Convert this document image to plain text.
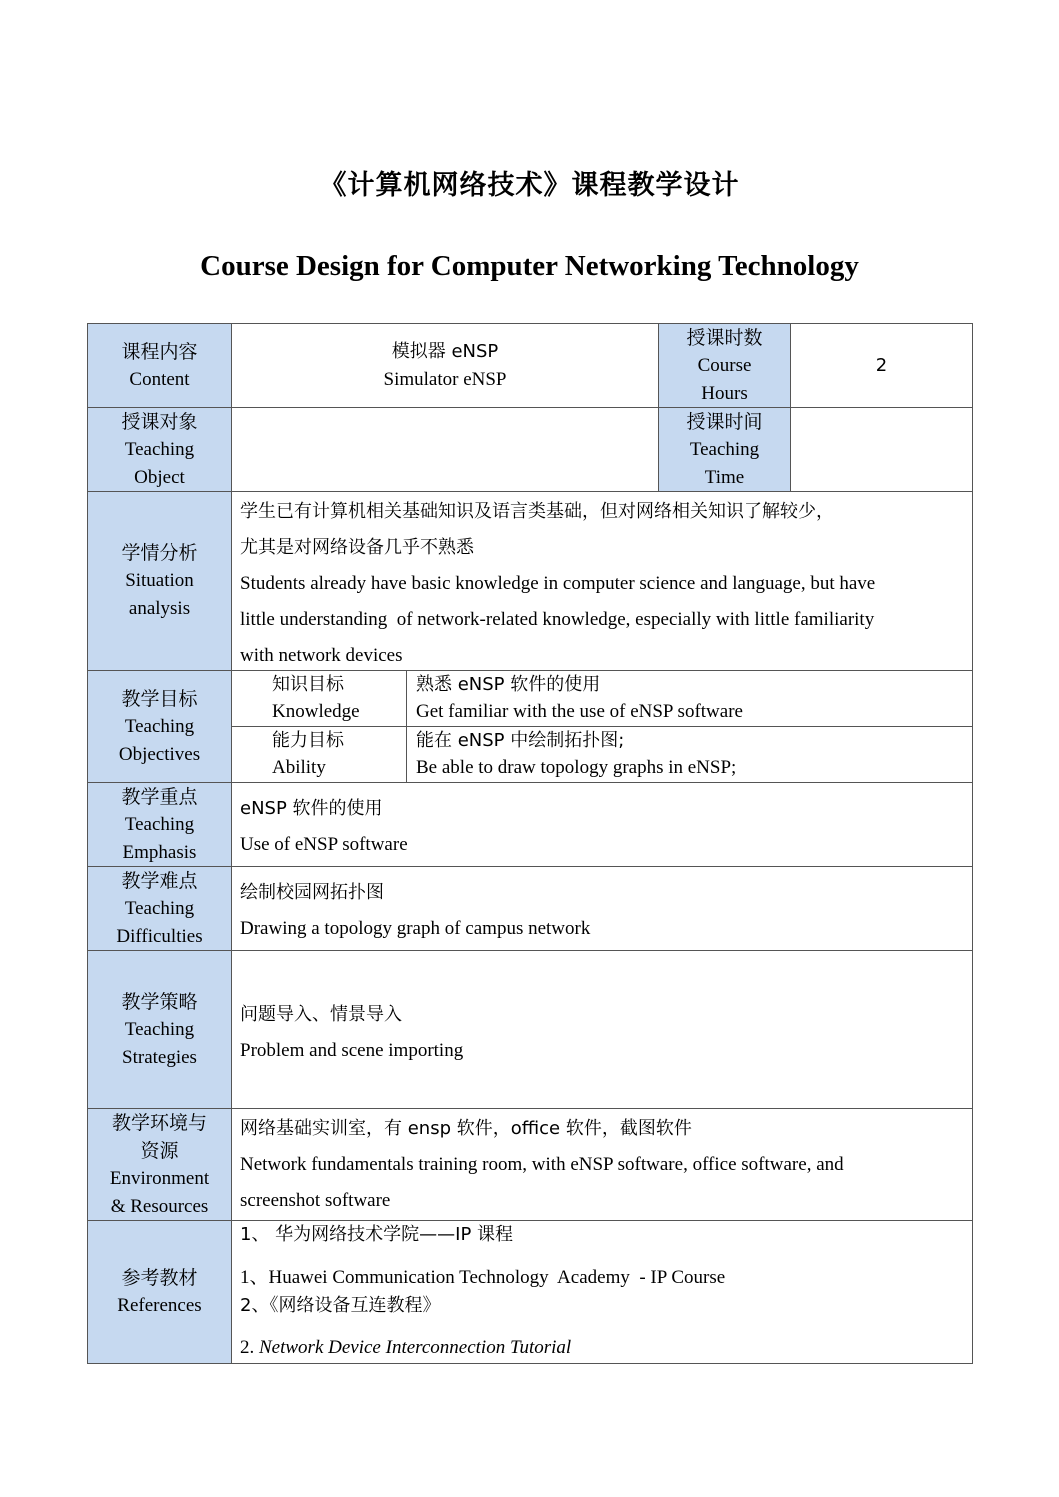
《计算机网络技术》课程教学设计
Course Design for Computer Networking Technology
课程内容
Content
模拟器 eNSP
Simulator eNSP
授课时数
Course
Hours
2
授课对象
Teaching
Object
授课时间
Teaching
Time
学情分析
Situation
analysis
学生已有计算机相关基础知识及语言类基础，但对网络相关知识了解较少，
尤其是对网络设备几乎不熟悉
Students already have basic knowledge in computer science and language, but have
little understanding  of network-related knowledge, especially with little familiarity
with network devices
教学目标
Teaching
Objectives
知识目标
Knowledge
熟悉 eNSP 软件的使用
Get familiar with the use of eNSP software
能力目标
Ability
能在 eNSP 中绘制拓扑图;
Be able to draw topology graphs in eNSP;
教学重点
Teaching
Emphasis
eNSP 软件的使用
Use of eNSP software
教学难点
Teaching
Difficulties
绘制校园网拓扑图
Drawing a topology graph of campus network
教学策略
Teaching
Strategies
问题导入、情景导入
Problem and scene importing
教学环境与
资源
Environment
& Resources
网络基础实训室，有 ensp 软件，office 软件，截图软件
Network fundamentals training room, with eNSP software, office software, and
screenshot software
参考教材
References
1、 华为网络技术学院——IP 课程
1、Huawei Communication Technology  Academy  - IP Course
2、《网络设备互连教程》
2. Network Device Interconnection Tutorial
